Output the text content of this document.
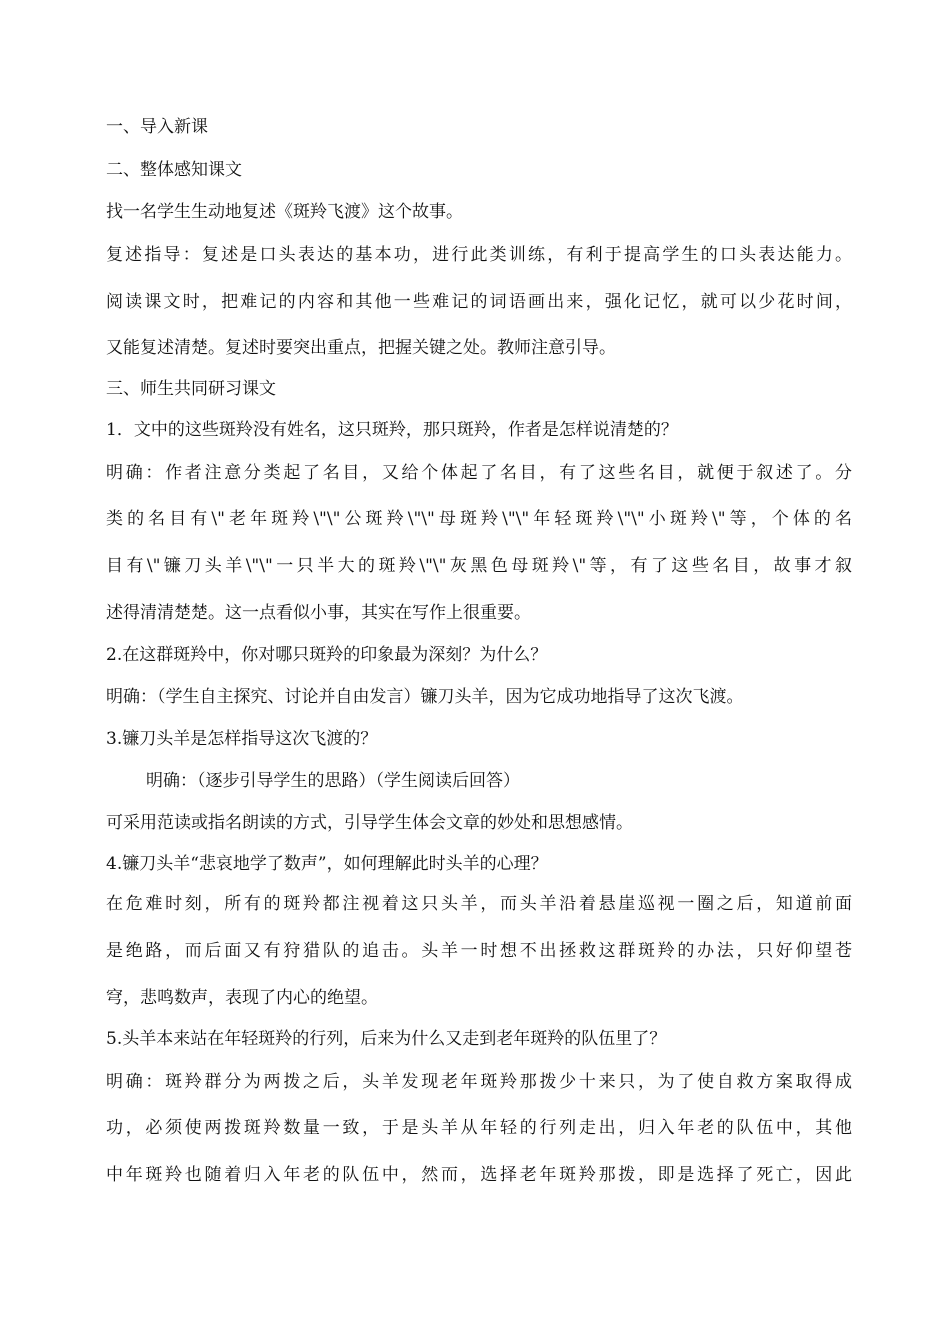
一、导入新课
二、整体感知课文
找一名学生生动地复述《斑羚飞渡》这个故事。
复述指导：复述是口头表达的基本功，进行此类训练，有利于提高学生的口头表达能力。
阅读课文时，把难记的内容和其他一些难记的词语画出来，强化记忆，就可以少花时间，
又能复述清楚。复述时要突出重点，把握关键之处。教师注意引导。
三、师生共同研习课文
1．文中的这些斑羚没有姓名，这只斑羚，那只斑羚，作者是怎样说清楚的？
明确：作者注意分类起了名目，又给个体起了名目，有了这些名目，就便于叙述了。分
类的名目有\"老年斑羚\"\"公斑羚\"\"母斑羚\"\"年轻斑羚\"\"小斑羚\"等，个体的名
目有\"镰刀头羊\"\"一只半大的斑羚\"\"灰黑色母斑羚\"等，有了这些名目，故事才叙
述得清清楚楚。这一点看似小事，其实在写作上很重要。
2.在这群斑羚中，你对哪只斑羚的印象最为深刻？为什么？
明确：（学生自主探究、讨论并自由发言）镰刀头羊，因为它成功地指导了这次飞渡。
3.镰刀头羊是怎样指导这次飞渡的？
明确：（逐步引导学生的思路）（学生阅读后回答）
可采用范读或指名朗读的方式，引导学生体会文章的妙处和思想感情。
4.镰刀头羊“悲哀地学了数声”，如何理解此时头羊的心理？
在危难时刻，所有的斑羚都注视着这只头羊，而头羊沿着悬崖巡视一圈之后，知道前面
是绝路，而后面又有狩猎队的追击。头羊一时想不出拯救这群斑羚的办法，只好仰望苍
穹，悲鸣数声，表现了内心的绝望。
5.头羊本来站在年轻斑羚的行列，后来为什么又走到老年斑羚的队伍里了？
明确：斑羚群分为两拨之后，头羊发现老年斑羚那拨少十来只，为了使自救方案取得成
功，必须使两拨斑羚数量一致，于是头羊从年轻的行列走出，归入年老的队伍中，其他
中年斑羚也随着归入年老的队伍中，然而，选择老年斑羚那拨，即是选择了死亡，因此
